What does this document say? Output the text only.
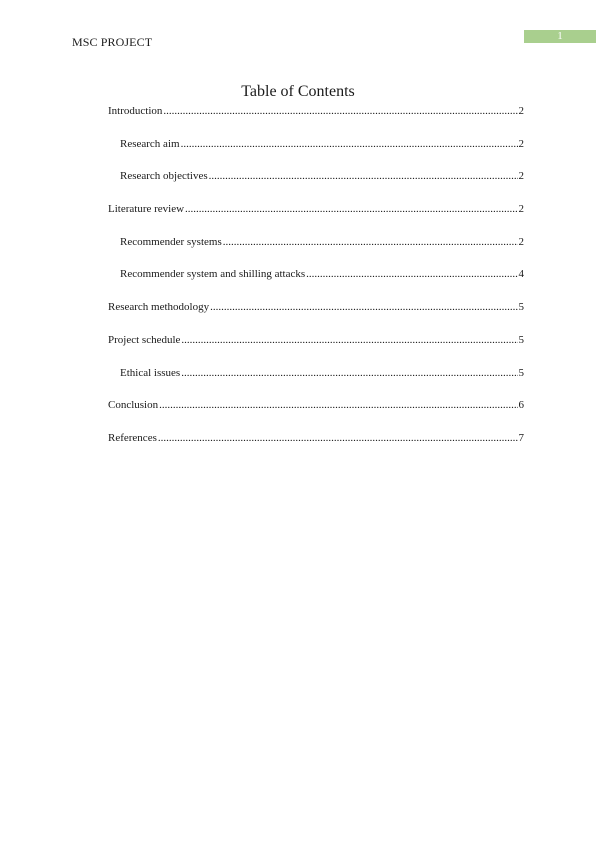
MSC PROJECT	1
Table of Contents
Introduction .....	2
Research aim .....	2
Research objectives .....	2
Literature review .....	2
Recommender systems .....	2
Recommender system and shilling attacks .....	4
Research methodology .....	5
Project schedule .....	5
Ethical issues .....	5
Conclusion .....	6
References .....	7
